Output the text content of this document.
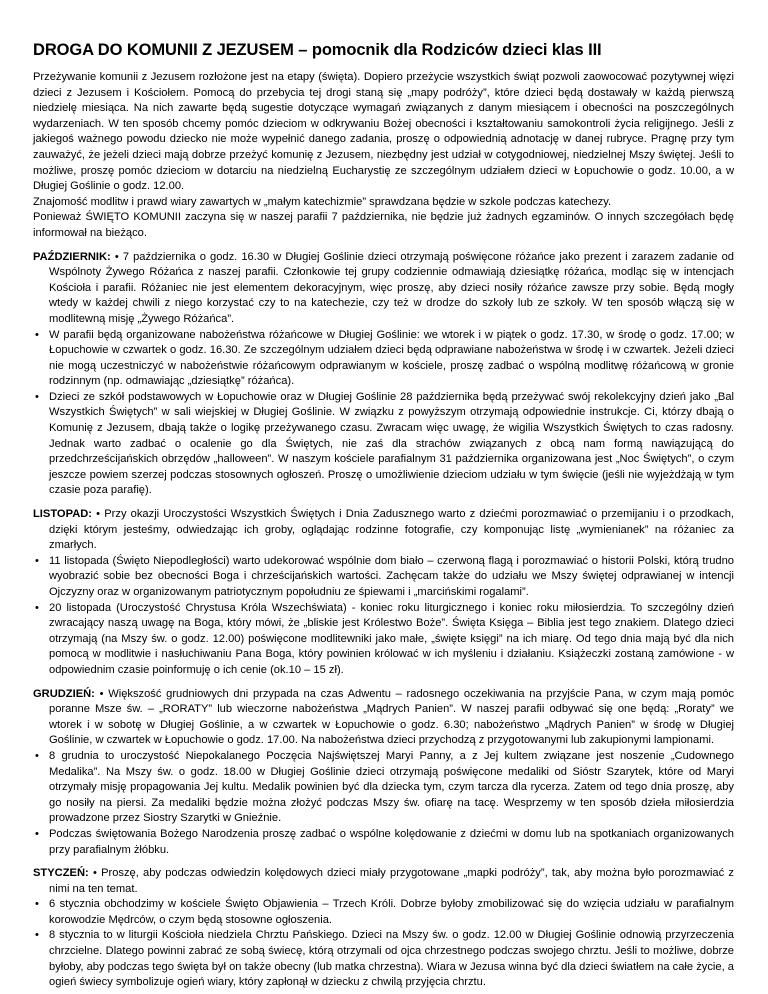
DROGA DO KOMUNII Z JEZUSEM – pomocnik dla Rodziców dzieci klas III

Przeżywanie komunii z Jezusem rozłożone jest na etapy (święta). Dopiero przeżycie wszystkich świąt pozwoli zaowocować pozytywnej więzi dzieci z Jezusem i Kościołem. Pomocą do przebycia tej drogi staną się „mapy podróży”, które dzieci będą dostawały w każdą pierwszą niedzielę miesiąca. Na nich zawarte będą sugestie dotyczące wymagań związanych z danym miesiącem i obecności na poszczególnych wydarzeniach. W ten sposób chcemy pomóc dzieciom w odkrywaniu Bożej obecności i kształtowaniu samokontroli życia religijnego. Jeśli z jakiegoś ważnego powodu dziecko nie może wypełnić danego zadania, proszę o odpowiednią adnotację w danej rubryce. Pragnę przy tym zauważyć, że jeżeli dzieci mają dobrze przeżyć komunię z Jezusem, niezbędny jest udział w cotygodniowej, niedzielnej Mszy świętej. Jeśli to możliwe, proszę pomóc dzieciom w dotarciu na niedzielną Eucharystię ze szczególnym udziałem dzieci w Łopuchowie o godz. 10.00, a w Długiej Goślinie o godz. 12.00.

Znajomość modlitw i prawd wiary zawartych w „małym katechizmie” sprawdzana będzie w szkole podczas katechezy.

Ponieważ ŚWIĘTO KOMUNII zaczyna się w naszej parafii 7 października, nie będzie już żadnych egzaminów. O innych szczegółach będę informował na bieżąco.

PAŹDZIERNIK: • 7 października o godz. 16.30 w Długiej Goślinie dzieci otrzymają poświęcone różańce jako prezent i zarazem zadanie od Wspólnoty Żywego Różańca z naszej parafii. Członkowie tej grupy codziennie odmawiają dziesiątkę różańca, modląc się w intencjach Kościoła i parafii. Różaniec nie jest elementem dekoracyjnym, więc proszę, aby dzieci nosiły różańce zawsze przy sobie. Będą mogły wtedy w każdej chwili z niego korzystać czy to na katechezie, czy też w drodze do szkoły lub ze szkoły. W ten sposób włączą się w modlitewną misję „Żywego Różańca”.

• W parafii będą organizowane nabożeństwa różańcowe w Długiej Goślinie: we wtorek i w piątek o godz. 17.30, w środę o godz. 17.00; w Łopuchowie w czwartek o godz. 16.30. Ze szczególnym udziałem dzieci będą odprawiane nabożeństwa w środę i w czwartek. Jeżeli dzieci nie mogą uczestniczyć w nabożeństwie różańcowym odprawianym w kościele, proszę zadbać o wspólną modlitwę różańcową w gronie rodzinnym (np. odmawiając „dziesiątkę” różańca).

• Dzieci ze szkół podstawowych w Łopuchowie oraz w Długiej Goślinie 28 października będą przeżywać swój rekolekcyjny dzień jako „Bal Wszystkich Świętych” w sali wiejskiej w Długiej Goślinie. W związku z powyższym otrzymają odpowiednie instrukcje. Ci, którzy dbają o Komunię z Jezusem, dbają także o logikę przeżywanego czasu. Zwracam więc uwagę, że wigilia Wszystkich Świętych to czas radosny. Jednak warto zadbać o ocalenie go dla Świętych, nie zaś dla strachów związanych z obcą nam formą nawiązującą do przedchrześcijańskich obrzędów „halloween”. W naszym kościele parafialnym 31 października organizowana jest „Noc Świętych”, o czym jeszcze powiem szerzej podczas stosownych ogłoszeń. Proszę o umożliwienie dzieciom udziału w tym święcie (jeśli nie wyjeżdżają w tym czasie poza parafię).

LISTOPAD: • Przy okazji Uroczystości Wszystkich Świętych i Dnia Zadusznego warto z dziećmi porozmawiać o przemijaniu i o przodkach, dzięki którym jesteśmy, odwiedzając ich groby, oglądając rodzinne fotografie, czy komponując listę „wymienianek” na różaniec za zmarłych.

• 11 listopada (Święto Niepodległości) warto udekorować wspólnie dom biało – czerwoną flagą i porozmawiać o historii Polski, którą trudno wyobrazić sobie bez obecności Boga i chrześcijańskich wartości. Zachęcam także do udziału we Mszy świętej odprawianej w intencji Ojczyzny oraz w organizowanym patriotycznym popołudniu ze śpiewami i „marcińskimi rogalami”.

• 20 listopada (Uroczystość Chrystusa Króla Wszechświata) - koniec roku liturgicznego i koniec roku miłosierdzia. To szczególny dzień zwracający naszą uwagę na Boga, który mówi, że „bliskie jest Królestwo Boże”. Święta Księga – Biblia jest tego znakiem. Dlatego dzieci otrzymają (na Mszy św. o godz. 12.00) poświęcone modlitewniki jako małe, „święte księgi” na ich miarę. Od tego dnia mają być dla nich pomocą w modlitwie i nasłuchiwaniu Pana Boga, który powinien królować w ich myśleniu i działaniu. Książeczki zostaną zamówione - w odpowiednim czasie poinformuję o ich cenie (ok.10 – 15 zł).

GRUDZIEŃ: • Większość grudniowych dni przypada na czas Adwentu – radosnego oczekiwania na przyjście Pana, w czym mają pomóc poranne Msze św. – „RORATY” lub wieczorne nabożeństwa „Mądrych Panien”. W naszej parafii odbywać się one będą: „Roraty” we wtorek i w sobotę w Długiej Goślinie, a w czwartek w Łopuchowie o godz. 6.30; nabożeństwo „Mądrych Panien” w środę w Długiej Goślinie, w czwartek w Łopuchowie o godz. 17.00. Na nabożeństwa dzieci przychodzą z przygotowanymi lub zakupionymi lampionami.

• 8 grudnia to uroczystość Niepokalanego Poczęcia Najświętszej Maryi Panny, a z Jej kultem związane jest noszenie „Cudownego Medalika”. Na Mszy św. o godz. 18.00 w Długiej Goślinie dzieci otrzymają poświęcone medaliki od Sióstr Szarytek, które od Maryi otrzymały misję propagowania Jej kultu. Medalik powinien być dla dziecka tym, czym tarcza dla rycerza. Zatem od tego dnia proszę, aby go nosiły na piersi. Za medaliki będzie można złożyć podczas Mszy św. ofiarę na tacę. Wesprzemy w ten sposób dzieła miłosierdzia prowadzone przez Siostry Szarytki w Gnieźnie.

• Podczas świętowania Bożego Narodzenia proszę zadbać o wspólne kolędowanie z dziećmi w domu lub na spotkaniach organizowanych przy parafialnym żłóbku.

STYCZEŃ: • Proszę, aby podczas odwiedzin kolędowych dzieci miały przygotowane „mapki podróży”, tak, aby można było porozmawiać z nimi na ten temat.

• 6 stycznia obchodzimy w kościele Święto Objawienia – Trzech Króli. Dobrze byłoby zmobilizować się do wzięcia udziału w parafialnym korowodzie Mędrców, o czym będą stosowne ogłoszenia.

• 8 stycznia to w liturgii Kościoła niedziela Chrztu Pańskiego. Dzieci na Mszy św. o godz. 12.00 w Długiej Goślinie odnowią przyrzeczenia chrzcielne. Dlatego powinni zabrać ze sobą świecę, którą otrzymali od ojca chrzestnego podczas swojego chrztu. Jeśli to możliwe, dobrze byłoby, aby podczas tego święta był on także obecny (lub matka chrzestna). Wiara w Jezusa winna być dla dzieci światłem na całe życie, a ogień świecy symbolizuje ogień wiary, który zapłonął w dziecku z chwilą przyjęcia chrztu.
